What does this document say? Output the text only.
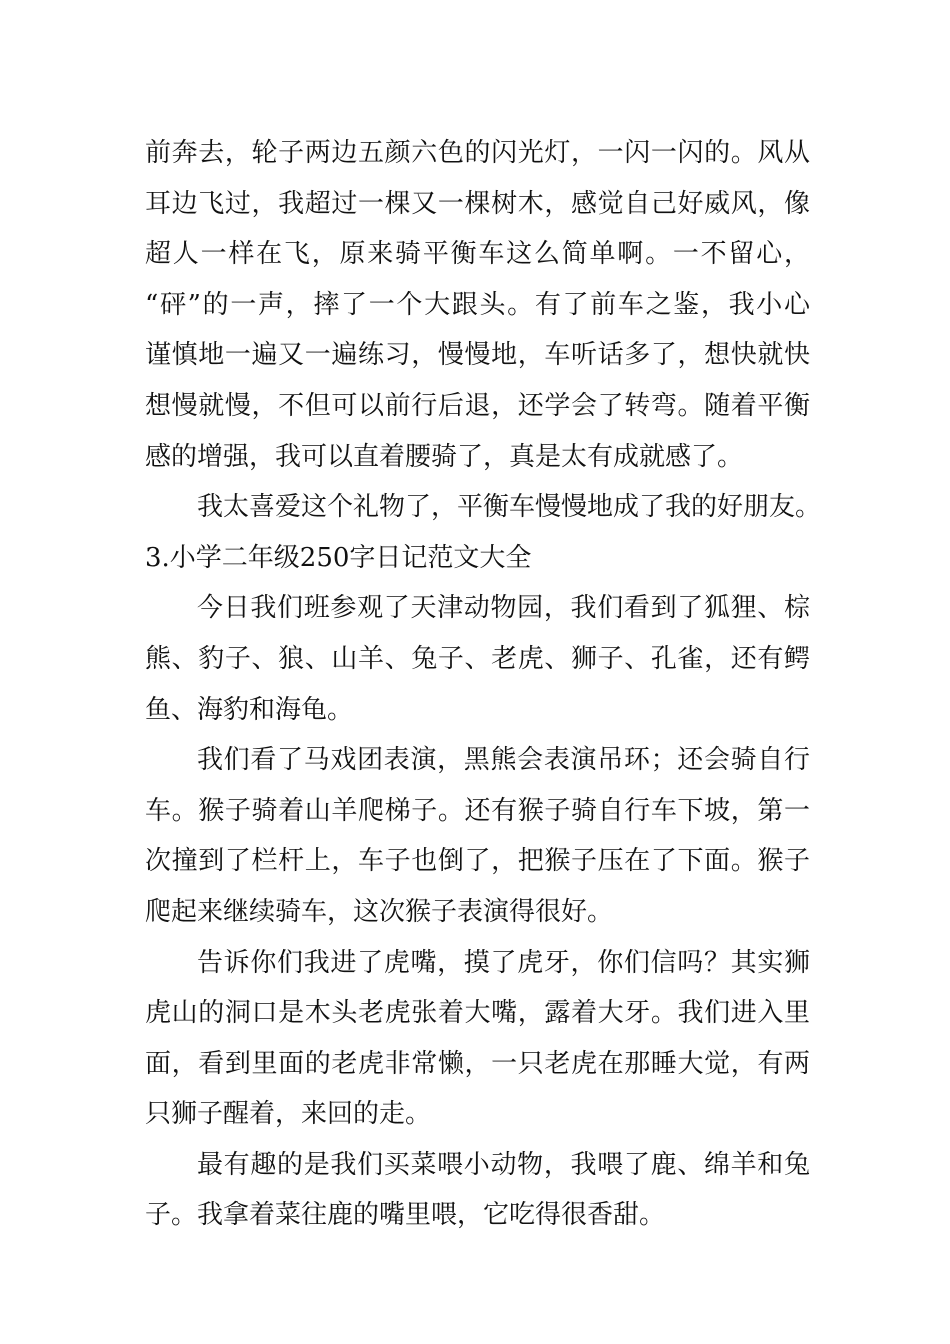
前奔去，轮子两边五颜六色的闪光灯，一闪一闪的。风从
耳边飞过，我超过一棵又一棵树木，感觉自己好威风，像
超人一样在飞，原来骑平衡车这么简单啊。一不留心，
“砰”的一声，摔了一个大跟头。有了前车之鉴，我小心
谨慎地一遍又一遍练习，慢慢地，车听话多了，想快就快
想慢就慢，不但可以前行后退，还学会了转弯。随着平衡
感的增强，我可以直着腰骑了，真是太有成就感了。
我太喜爱这个礼物了，平衡车慢慢地成了我的好朋友。
3.小学二年级250字日记范文大全
今日我们班参观了天津动物园，我们看到了狐狸、棕
熊、豹子、狼、山羊、兔子、老虎、狮子、孔雀，还有鳄
鱼、海豹和海龟。
我们看了马戏团表演，黑熊会表演吊环；还会骑自行
车。猴子骑着山羊爬梯子。还有猴子骑自行车下坡，第一
次撞到了栏杆上，车子也倒了，把猴子压在了下面。猴子
爬起来继续骑车，这次猴子表演得很好。
告诉你们我进了虎嘴，摸了虎牙，你们信吗？其实狮
虎山的洞口是木头老虎张着大嘴，露着大牙。我们进入里
面，看到里面的老虎非常懒，一只老虎在那睡大觉，有两
只狮子醒着，来回的走。
最有趣的是我们买菜喂小动物，我喂了鹿、绵羊和兔
子。我拿着菜往鹿的嘴里喂，它吃得很香甜。
